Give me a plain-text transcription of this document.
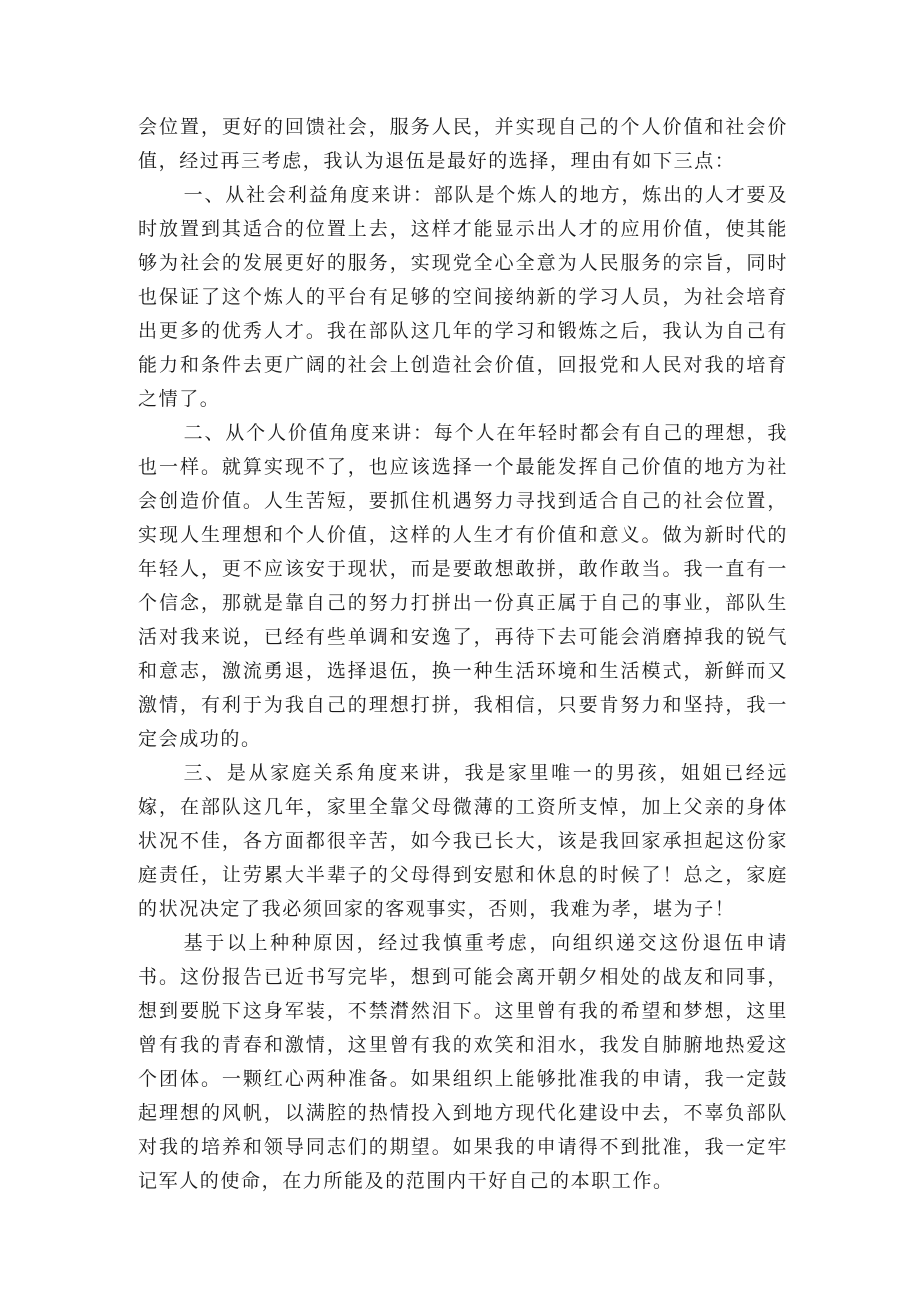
会位置，更好的回馈社会，服务人民，并实现自己的个人价值和社会价值，经过再三考虑，我认为退伍是最好的选择，理由有如下三点：

一、从社会利益角度来讲：部队是个炼人的地方，炼出的人才要及时放置到其适合的位置上去，这样才能显示出人才的应用价值，使其能够为社会的发展更好的服务，实现党全心全意为人民服务的宗旨，同时也保证了这个炼人的平台有足够的空间接纳新的学习人员，为社会培育出更多的优秀人才。我在部队这几年的学习和锻炼之后，我认为自己有能力和条件去更广阔的社会上创造社会价值，回报党和人民对我的培育之情了。

二、从个人价值角度来讲：每个人在年轻时都会有自己的理想，我也一样。就算实现不了，也应该选择一个最能发挥自己价值的地方为社会创造价值。人生苦短，要抓住机遇努力寻找到适合自己的社会位置，实现人生理想和个人价值，这样的人生才有价值和意义。做为新时代的年轻人，更不应该安于现状，而是要敢想敢拼，敢作敢当。我一直有一个信念，那就是靠自己的努力打拼出一份真正属于自己的事业，部队生活对我来说，已经有些单调和安逸了，再待下去可能会消磨掉我的锐气和意志，激流勇退，选择退伍，换一种生活环境和生活模式，新鲜而又激情，有利于为我自己的理想打拼，我相信，只要肯努力和坚持，我一定会成功的。

三、是从家庭关系角度来讲，我是家里唯一的男孩，姐姐已经远嫁，在部队这几年，家里全靠父母微薄的工资所支悼，加上父亲的身体状况不佳，各方面都很辛苦，如今我已长大，该是我回家承担起这份家庭责任，让劳累大半辈子的父母得到安慰和休息的时候了！总之，家庭的状况决定了我必须回家的客观事实，否则，我难为孝，堪为子！

基于以上种种原因，经过我慎重考虑，向组织递交这份退伍申请书。这份报告已近书写完毕，想到可能会离开朝夕相处的战友和同事，想到要脱下这身军装，不禁潸然泪下。这里曾有我的希望和梦想，这里曾有我的青春和激情，这里曾有我的欢笑和泪水，我发自肺腑地热爱这个团体。一颗红心两种准备。如果组织上能够批准我的申请，我一定鼓起理想的风帆，以满腔的热情投入到地方现代化建设中去，不辜负部队对我的培养和领导同志们的期望。如果我的申请得不到批准，我一定牢记军人的使命，在力所能及的范围内干好自己的本职工作。
